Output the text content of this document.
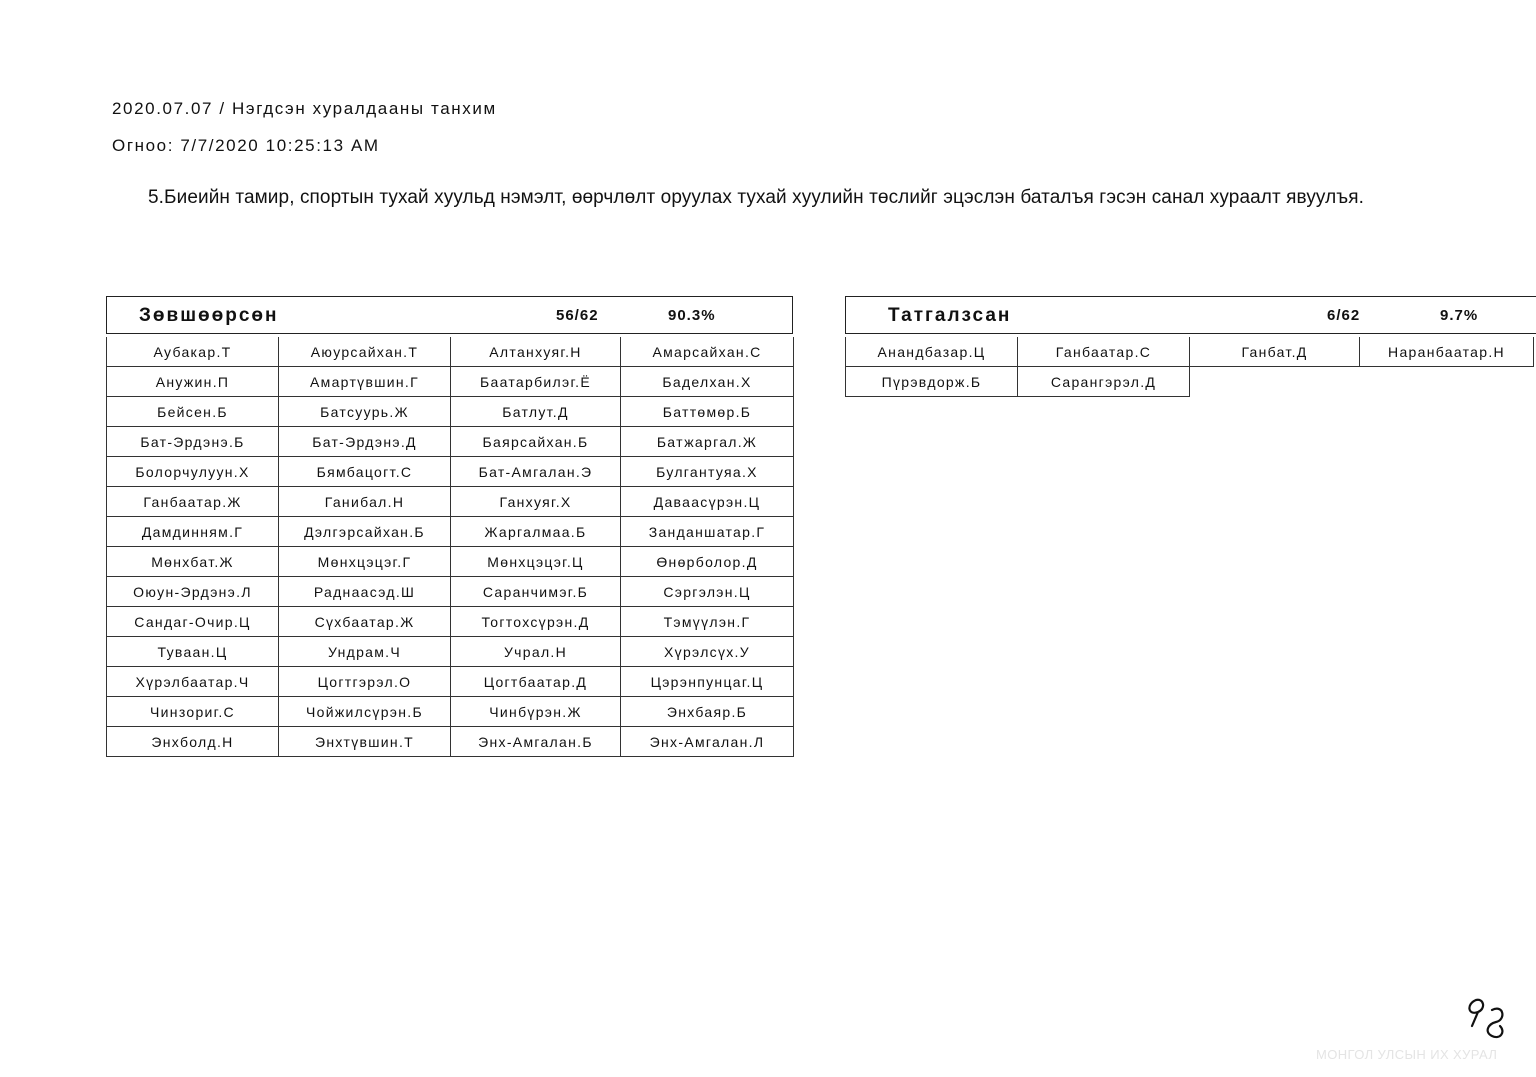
2020.07.07 / Нэгдсэн хуралдааны танхим
Огноо: 7/7/2020 10:25:13 AM
5.Биеийн тамир, спортын тухай хуульд нэмэлт, өөрчлөлт оруулах тухай хуулийн төслийг эцэслэн баталъя гэсэн санал хураалт явуулъя.
Зөвшөөрсөн	56/62	90.3%
Аубакар.Т	Аюурсайхан.Т	Алтанхуяг.Н	Амарсайхан.С
Анужин.П	Амартүвшин.Г	Баатарбилэг.Ё	Баделхан.Х
Бейсен.Б	Батсуурь.Ж	Батлут.Д	Баттөмөр.Б
Бат-Эрдэнэ.Б	Бат-Эрдэнэ.Д	Баярсайхан.Б	Батжаргал.Ж
Болорчулуун.Х	Бямбацогт.С	Бат-Амгалан.Э	Булгантуяа.Х
Ганбаатар.Ж	Ганибал.Н	Ганхуяг.Х	Даваасүрэн.Ц
Дамдинням.Г	Дэлгэрсайхан.Б	Жаргалмаа.Б	Занданшатар.Г
Мөнхбат.Ж	Мөнхцэцэг.Г	Мөнхцэцэг.Ц	Өнөрболор.Д
Оюун-Эрдэнэ.Л	Раднаасэд.Ш	Саранчимэг.Б	Сэргэлэн.Ц
Сандаг-Очир.Ц	Сүхбаатар.Ж	Тогтохсүрэн.Д	Тэмүүлэн.Г
Туваан.Ц	Ундрам.Ч	Учрал.Н	Хүрэлсүх.У
Хүрэлбаатар.Ч	Цогтгэрэл.О	Цогтбаатар.Д	Цэрэнпунцаг.Ц
Чинзориг.С	Чойжилсүрэн.Б	Чинбүрэн.Ж	Энхбаяр.Б
Энхболд.Н	Энхтүвшин.Т	Энх-Амгалан.Б	Энх-Амгалан.Л
Татгалзсан	6/62	9.7%
Анандбазар.Ц	Ганбаатар.С	Ганбат.Д	Наранбаатар.Н
Пүрэвдорж.Б	Сарангэрэл.Д
МОНГОЛ УЛСЫН ИХ ХУРАЛ
